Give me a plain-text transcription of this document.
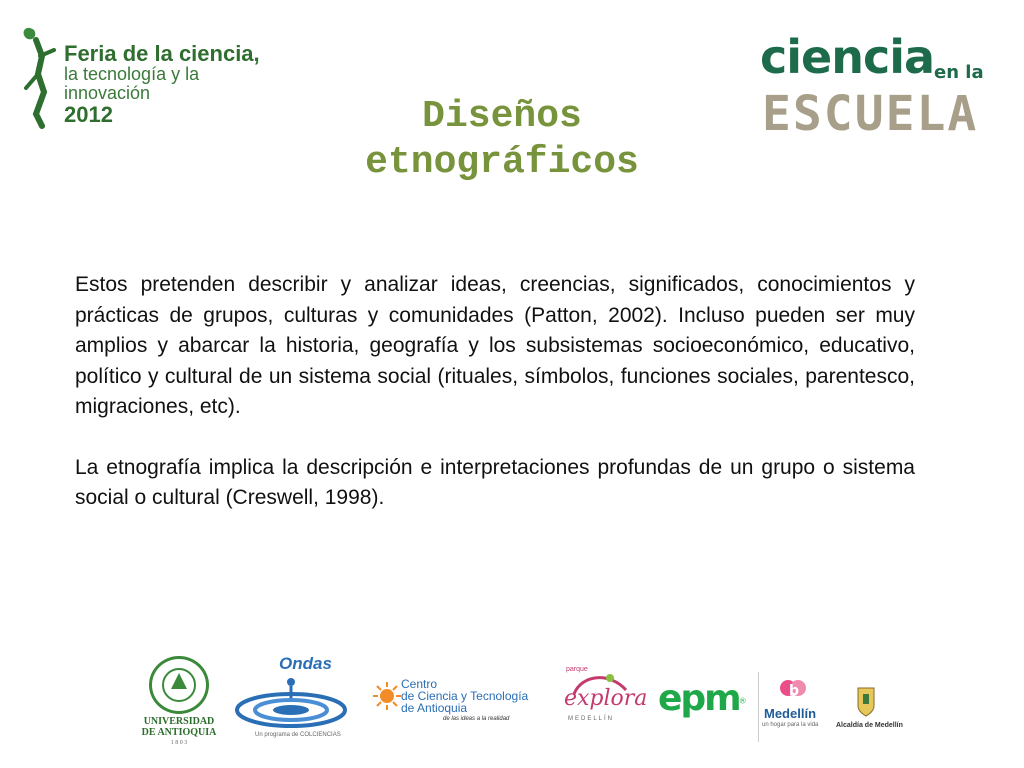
Feria de la ciencia,
la tecnología y la innovación
2012
ciencia en la
ESCUELA
Diseños
etnográficos

Estos pretenden describir y analizar ideas, creencias, significados, conocimientos y prácticas de grupos, culturas y comunidades (Patton, 2002). Incluso pueden ser muy amplios y abarcar la historia, geografía y los subsistemas socioeconómico, educativo, político y cultural de un sistema social (rituales, símbolos, funciones sociales, parentesco, migraciones, etc).

La etnografía implica la descripción e interpretaciones profundas de un grupo o sistema social o cultural (Creswell, 1998).

UNIVERSIDAD
DE ANTIOQUIA
1 8 0 3
Ondas
Un programa de COLCIENCIAS
Centro
de Ciencia y Tecnología
de Antioquia
de las ideas a la realidad
parque
explora
MEDELLÍN epm®
b
Medellín
un hogar para la vida	Alcaldía de Medellín
